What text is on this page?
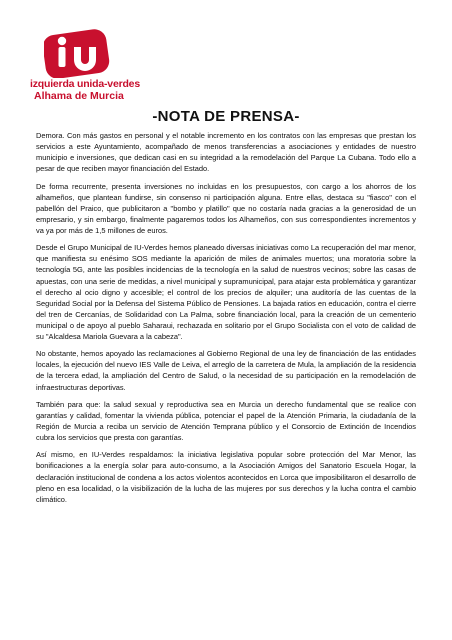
izquierda unida-verdes
Alhama de Murcia
-NOTA DE PRENSA-

Demora. Con más gastos en personal y el notable incremento en los contratos con las empresas que prestan los servicios a este Ayuntamiento, acompañado de menos transferencias a asociaciones y entidades de nuestro municipio e inversiones, que dedican casi en su integridad a la remodelación del Parque La Cubana. Todo ello a pesar de que reciben mayor financiación del Estado.

De forma recurrente, presenta inversiones no incluidas en los presupuestos, con cargo a los ahorros de los alhameños, que plantean fundirse, sin consenso ni participación alguna. Entre ellas, destaca su "fiasco" con el pabellón del Praico, que publicitaron a "bombo y platillo" que no costaría nada gracias a la generosidad de un empresario, y sin embargo, finalmente pagaremos todos los Alhameños, con sus correspondientes incrementos y va ya por más de 1,5 millones de euros.

Desde el Grupo Municipal de IU-Verdes hemos planeado diversas iniciativas como La recuperación del mar menor, que manifiesta su enésimo SOS mediante la aparición de miles de animales muertos; una moratoria sobre la tecnología 5G, ante las posibles incidencias de la tecnología en la salud de nuestros vecinos; sobre las casas de apuestas, con una serie de medidas, a nivel municipal y supramunicipal, para atajar esta problemática y garantizar el derecho al ocio digno y accesible; el control de los precios de alquiler; una auditoría de las cuentas de la Seguridad Social por la Defensa del Sistema Público de Pensiones. La bajada ratios en educación, contra el cierre del tren de Cercanías, de Solidaridad con La Palma, sobre financiación local, para la creación de un cementerio municipal o de apoyo al pueblo Saharaui, rechazada en solitario por el Grupo Socialista con el voto de calidad de su "Alcaldesa Mariola Guevara a la cabeza".

No obstante, hemos apoyado las reclamaciones al Gobierno Regional de una ley de financiación de las entidades locales, la ejecución del nuevo IES Valle de Leiva, el arreglo de la carretera de Mula, la ampliación de la residencia de la tercera edad, la ampliación del Centro de Salud, o la necesidad de su participación en la remodelación de infraestructuras deportivas.

También para que: la salud sexual y reproductiva sea en Murcia un derecho fundamental que se realice con garantías y calidad, fomentar la vivienda pública, potenciar el papel de la Atención Primaria, la ciudadanía de la Región de Murcia a reciba un servicio de Atención Temprana público y el Consorcio de Extinción de Incendios cubra los servicios que presta con garantías.

Así mismo, en IU-Verdes respaldamos: la iniciativa legislativa popular sobre protección del Mar Menor, las bonificaciones a la energía solar para auto-consumo, a la Asociación Amigos del Sanatorio Escuela Hogar, la declaración institucional de condena a los actos violentos acontecidos en Lorca que imposibilitaron el desarrollo de pleno en esa localidad, o la visibilización de la lucha de las mujeres por sus derechos y la lucha contra el cambio climático.
